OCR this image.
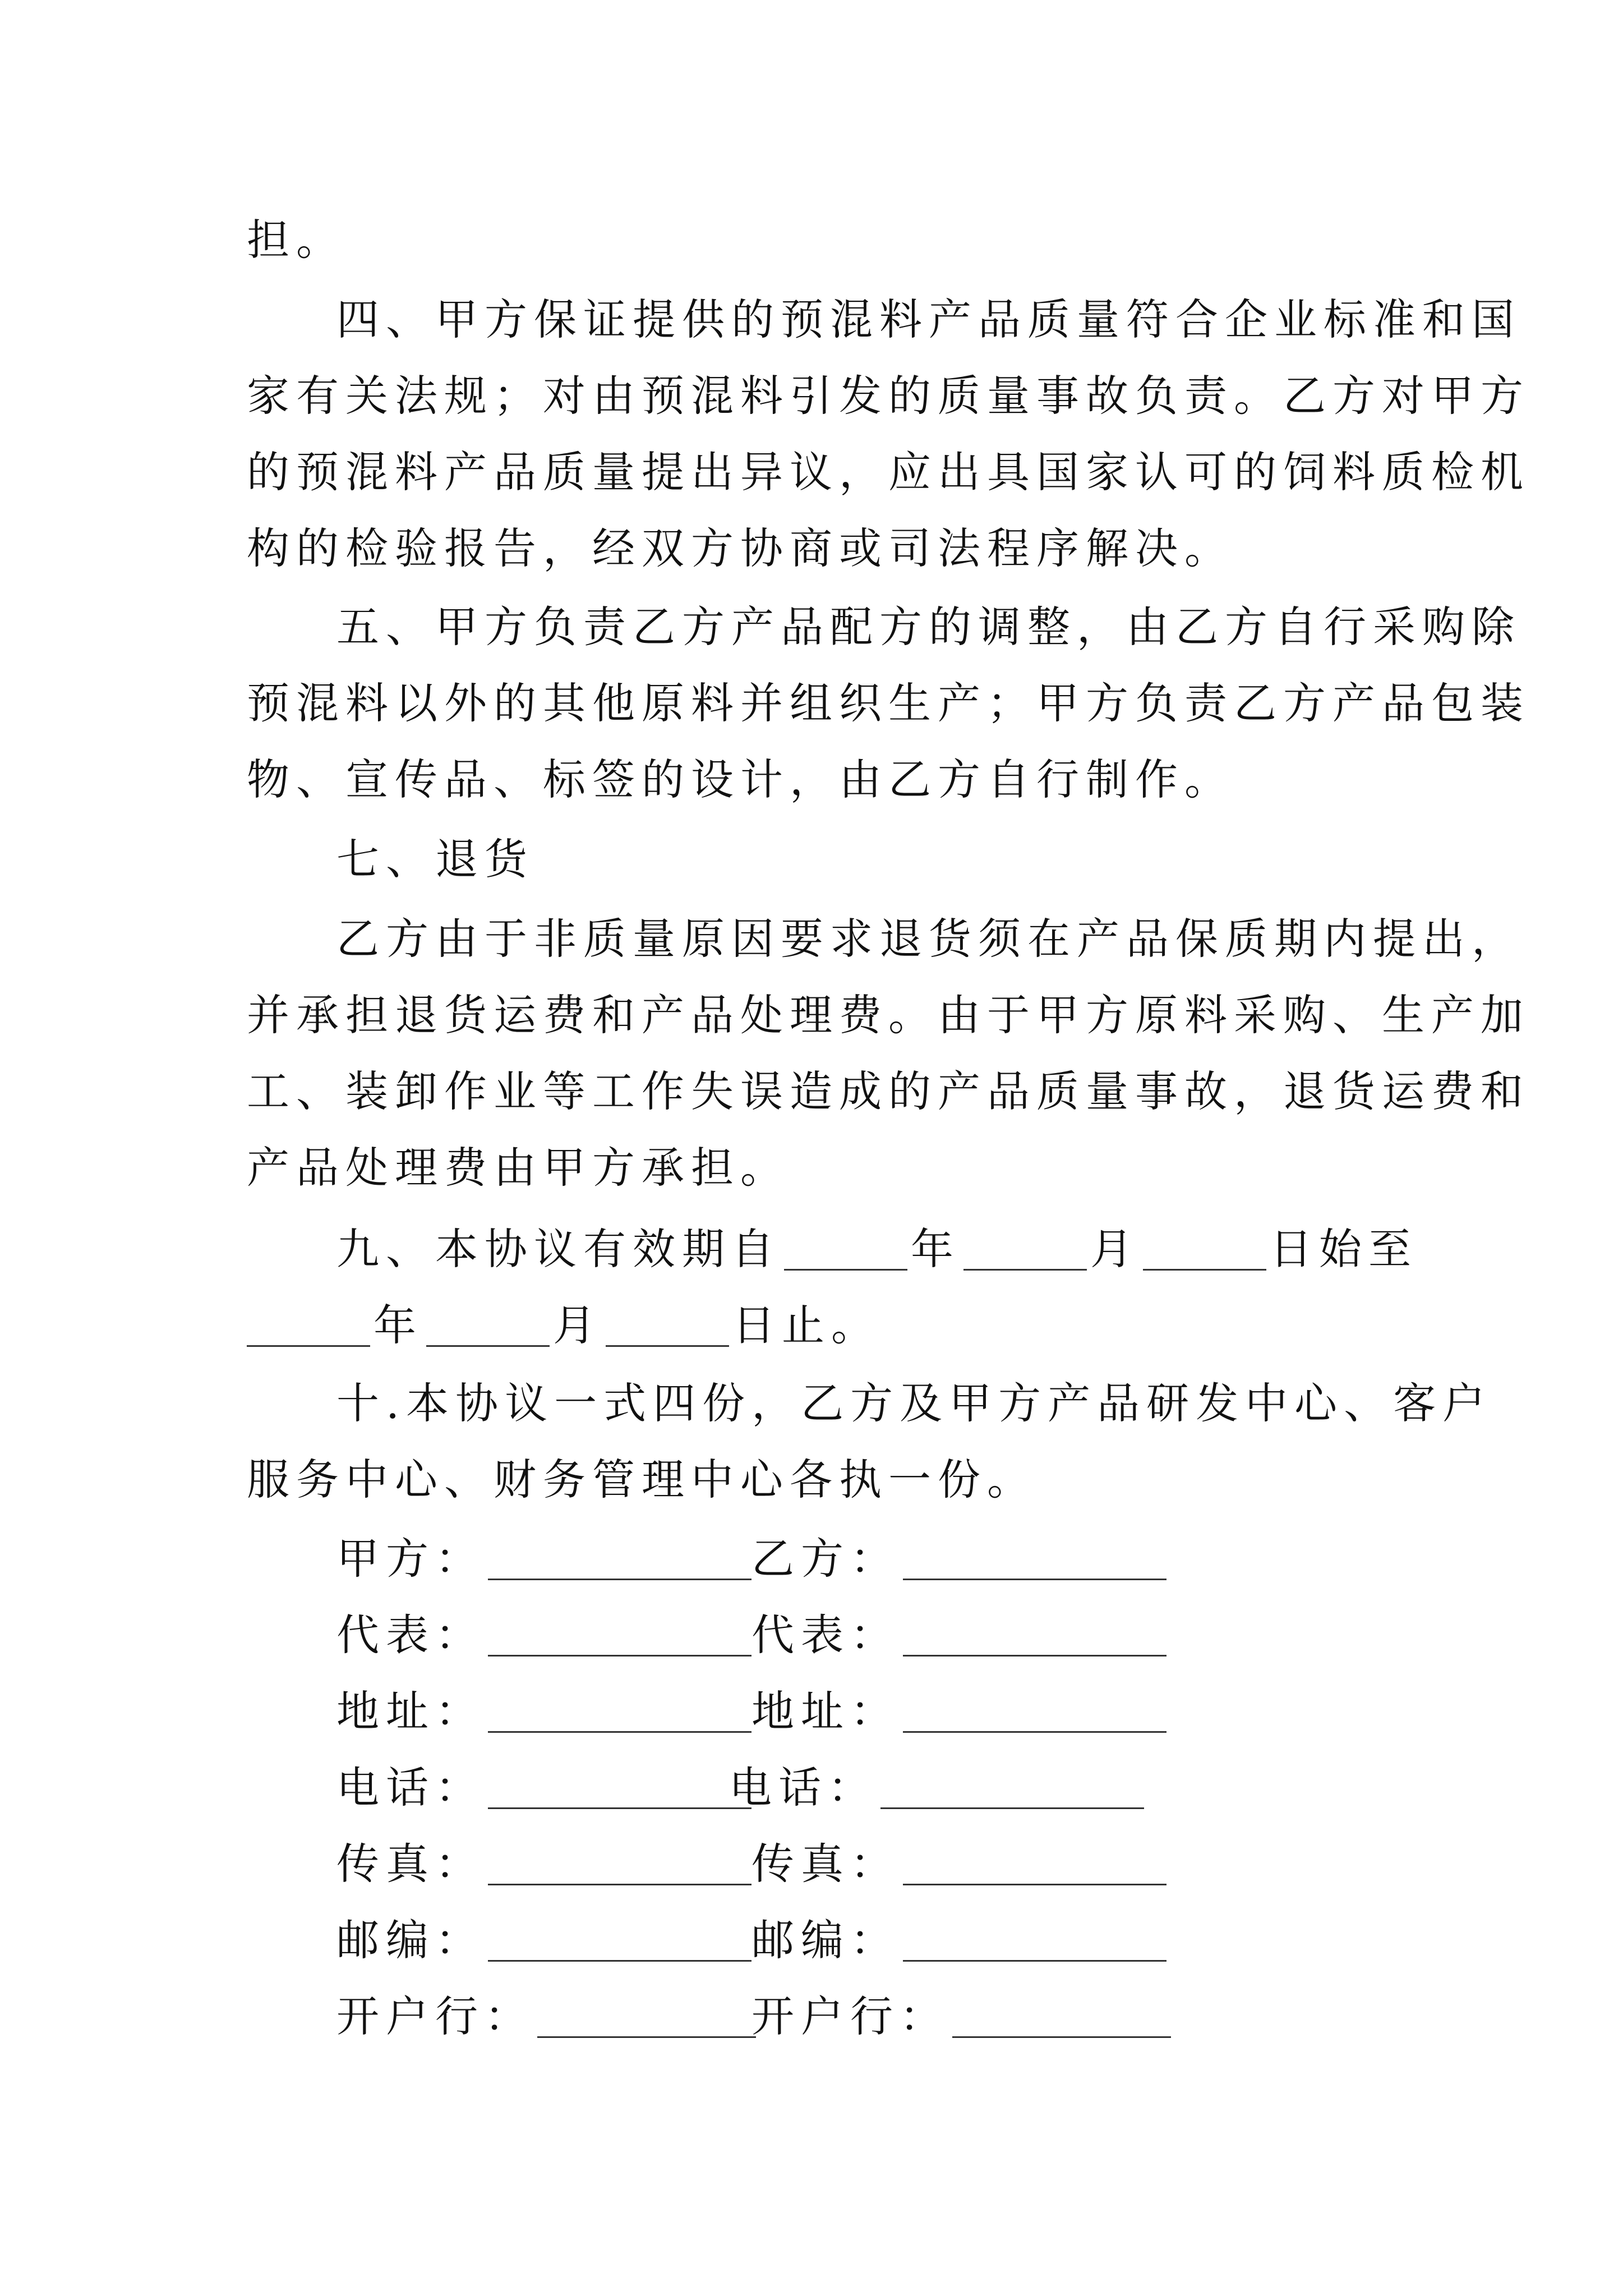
担。

四、甲方保证提供的预混料产品质量符合企业标准和国

家有关法规；对由预混料引发的质量事故负责。乙方对甲方

的预混料产品质量提出异议，应出具国家认可的饲料质检机

构的检验报告，经双方协商或司法程序解决。

五、甲方负责乙方产品配方的调整，由乙方自行采购除

预混料以外的其他原料并组织生产；甲方负责乙方产品包装

物、宣传品、标签的设计，由乙方自行制作。

七、退货

乙方由于非质量原因要求退货须在产品保质期内提出，

并承担退货运费和产品处理费。由于甲方原料采购、生产加

工、装卸作业等工作失误造成的产品质量事故，退货运费和

产品处理费由甲方承担。

九、本协议有效期自	年	月	日始至
年	月	日止。

十.本协议一式四份，乙方及甲方产品研发中心、客户

服务中心、财务管理中心各执一份。

甲方：	乙方：
代表：	代表：
地址：	地址：
电话：	电话：
传真：	传真：
邮编：	邮编：
开户行：	开户行：
